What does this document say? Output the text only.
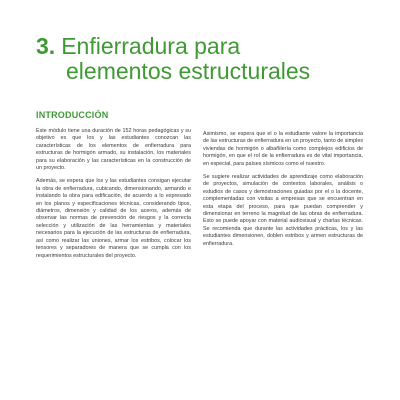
3. Enfierradura para
elementos estructurales
INTRODUCCIÓN

Este módulo tiene una duración de 152 horas pedagógicas y su objetivo es que los y las estudiantes conozcan las características de los elementos de enfierradura para estructuras de hormigón armado, su instalación, los materiales para su elaboración y las características en la construcción de un proyecto.

Además, se espera que los y las estudiantes consigan ejecutar la obra de enfierradura, cubicando, dimensionando, armando e instalando la obra para edificación, de acuerdo a lo expresado en los planos y especificaciones técnicas, considerando tipos, diámetros, dimensión y calidad de los aceros, además de observar las normas de prevención de riesgos y la correcta selección y utilización de las herramientas y materiales necesarios para la ejecución de las estructuras de enfierradura, así como realizar las uniones, armar los estribos, colocar los tensores y separadores de manera que se cumpla con los requerimientos estructurales del proyecto.

Asimismo, se espera que el o la estudiante valore la importancia de las estructuras de enfierradura en un proyecto, tanto de simples viviendas de hormigón o albañilería como complejos edificios de hormigón, en que el rol de la enfierradura es de vital importancia, en especial, para países sísmicos como el nuestro.

Se sugiere realizar actividades de aprendizaje como elaboración de proyectos, simulación de contextos laborales, análisis o estudios de casos y demostraciones guiadas por el o la docente, complementadas con visitas a empresas que se encuentran en esta etapa del proceso, para que puedan comprender y dimensionar en terreno la magnitud de las obras de enfierradura. Esto se puede apoyar con material audiovisual y charlas técnicas. Se recomienda que durante las actividades prácticas, los y las estudiantes dimensionen, doblen estribos y armen estructuras de enfierradura.
